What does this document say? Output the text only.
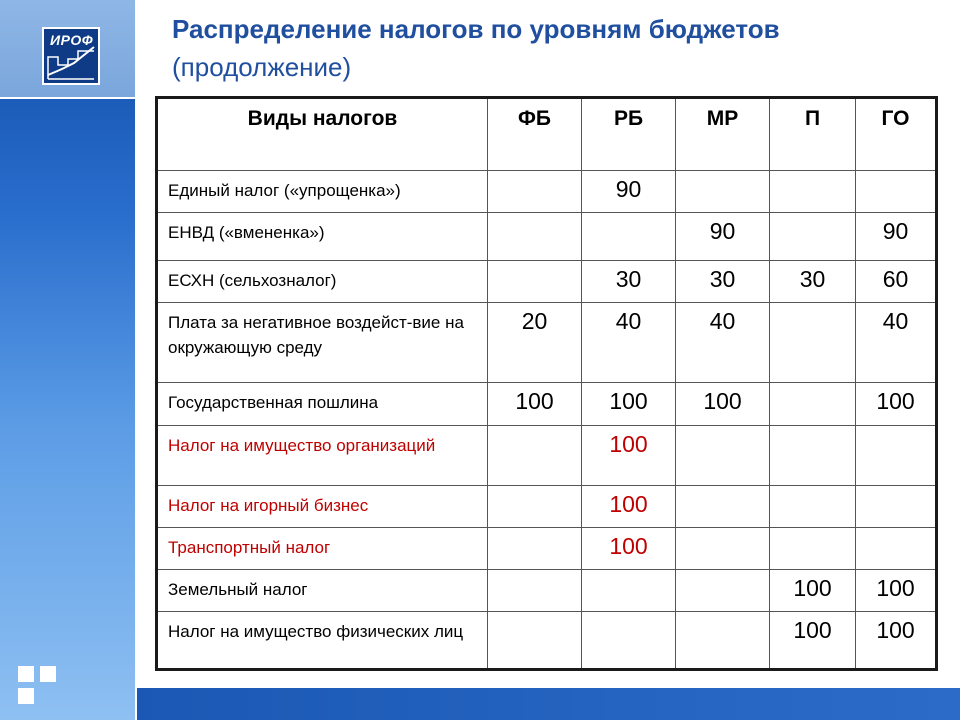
ИРОФ	Распределение налогов по уровням бюджетов
(продолжение)
Виды налогов	ФБ	РБ	МР	П	ГО
Единый налог («упрощенка»)		90			
ЕНВД («вмененка»)			90		90
ЕСХН (сельхозналог)		30	30	30	60
Плата за негативное воздейст-вие на окружающую среду	20	40	40		40
Государственная пошлина	100	100	100		100
Налог на имущество организаций		100			
Налог на игорный бизнес		100			
Транспортный налог		100			
Земельный налог				100	100
Налог на имущество физических лиц				100	100
